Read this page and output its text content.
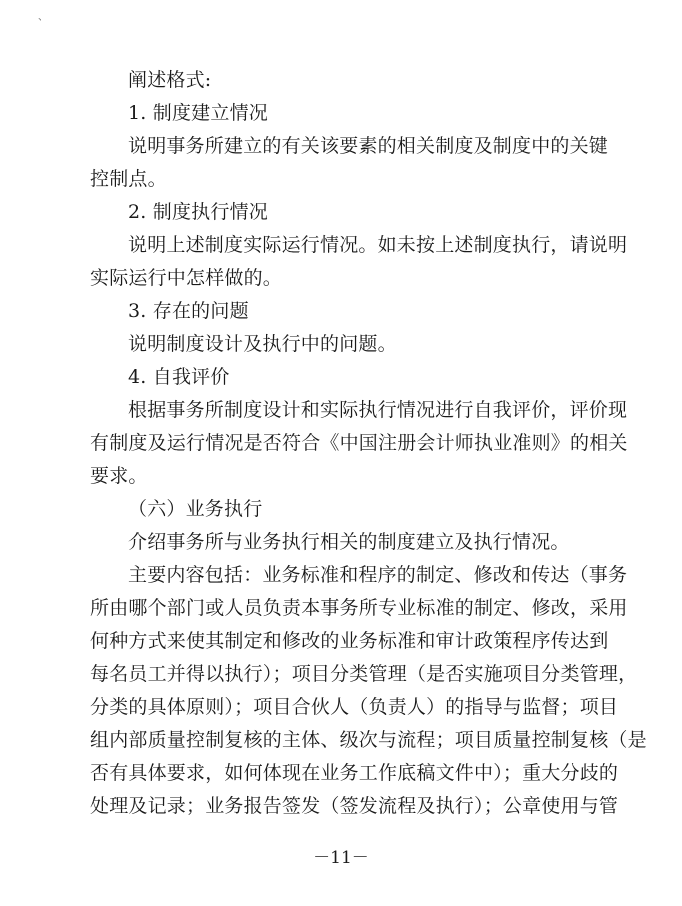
、
阐述格式:
1. 制度建立情况
说明事务所建立的有关该要素的相关制度及制度中的关键
控制点。
2. 制度执行情况
说明上述制度实际运行情况。如未按上述制度执行，请说明
实际运行中怎样做的。
3. 存在的问题
说明制度设计及执行中的问题。
4. 自我评价
根据事务所制度设计和实际执行情况进行自我评价，评价现
有制度及运行情况是否符合《中国注册会计师执业准则》的相关
要求。
（六）业务执行
介绍事务所与业务执行相关的制度建立及执行情况。
主要内容包括：业务标准和程序的制定、修改和传达（事务
所由哪个部门或人员负责本事务所专业标准的制定、修改，采用
何种方式来使其制定和修改的业务标准和审计政策程序传达到
每名员工并得以执行）；项目分类管理（是否实施项目分类管理，
分类的具体原则）；项目合伙人（负责人）的指导与监督；项目
组内部质量控制复核的主体、级次与流程；项目质量控制复核（是
否有具体要求，如何体现在业务工作底稿文件中）；重大分歧的
处理及记录；业务报告签发（签发流程及执行）；公章使用与管
－11－
